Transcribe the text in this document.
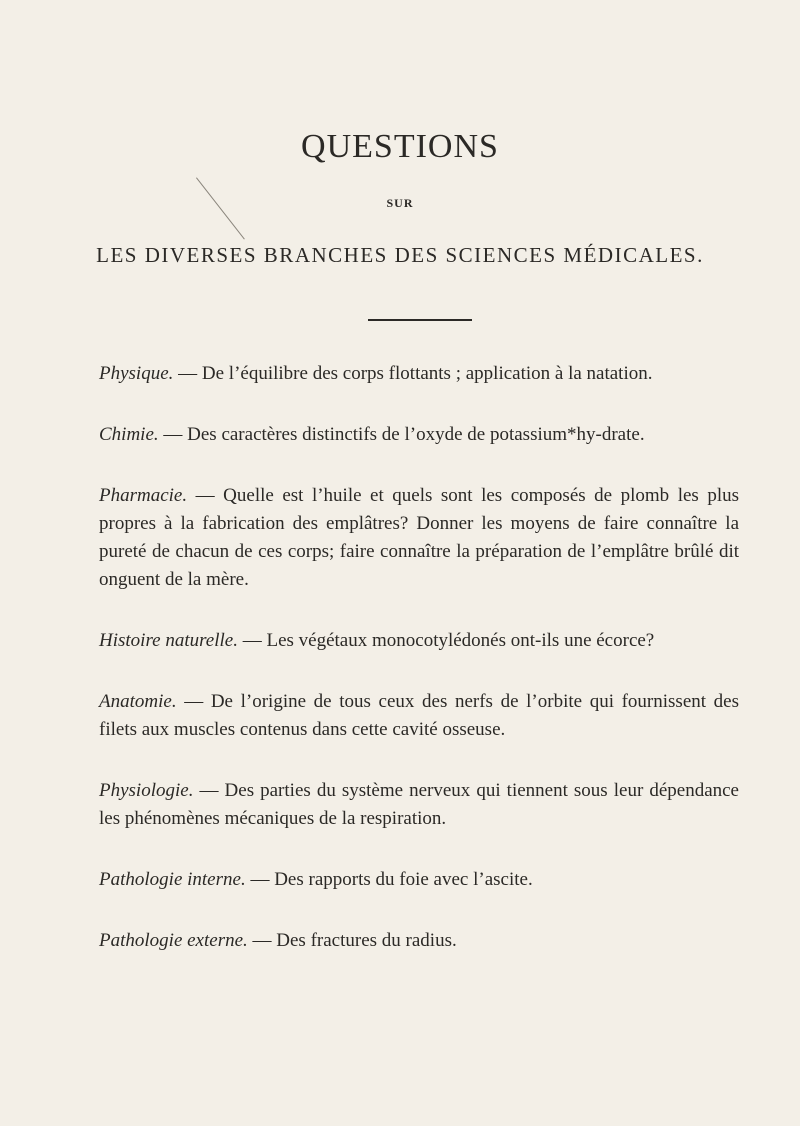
QUESTIONS
SUR
LES DIVERSES BRANCHES DES SCIENCES MÉDICALES.

Physique. — De l’équilibre des corps flottants ; application à la natation.

Chimie. — Des caractères distinctifs de l’oxyde de potassium*hy-drate.

Pharmacie. — Quelle est l’huile et quels sont les composés de plomb les plus propres à la fabrication des emplâtres? Donner les moyens de faire connaître la pureté de chacun de ces corps; faire connaître la préparation de l’emplâtre brûlé dit onguent de la mère.

Histoire naturelle. — Les végétaux monocotylédonés ont-ils une écorce?

Anatomie. — De l’origine de tous ceux des nerfs de l’orbite qui fournissent des filets aux muscles contenus dans cette cavité osseuse.

Physiologie. — Des parties du système nerveux qui tiennent sous leur dépendance les phénomènes mécaniques de la respiration.

Pathologie interne. — Des rapports du foie avec l’ascite.

Pathologie externe. — Des fractures du radius.
